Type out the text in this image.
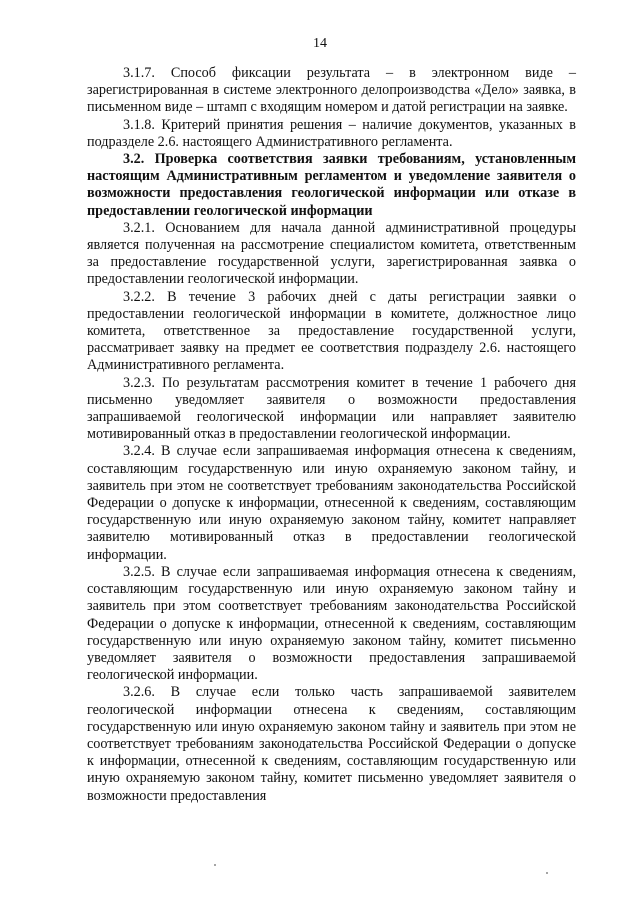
14

3.1.7. Способ фиксации результата – в электронном виде – зарегистрированная в системе электронного делопроизводства «Дело» заявка, в письменном виде – штамп с входящим номером и датой регистрации на заявке.

3.1.8. Критерий принятия решения – наличие документов, указанных в подразделе 2.6. настоящего Административного регламента.

3.2. Проверка соответствия заявки требованиям, установленным настоящим Административным регламентом и уведомление заявителя о возможности предоставления геологической информации или отказе в предоставлении геологической информации

3.2.1. Основанием для начала данной административной процедуры является полученная на рассмотрение специалистом комитета, ответственным за предоставление государственной услуги, зарегистрированная заявка о предоставлении геологической информации.

3.2.2. В течение 3 рабочих дней с даты регистрации заявки о предоставлении геологической информации в комитете, должностное лицо комитета, ответственное за предоставление государственной услуги, рассматривает заявку на предмет ее соответствия подразделу 2.6. настоящего Административного регламента.

3.2.3. По результатам рассмотрения комитет в течение 1 рабочего дня письменно уведомляет заявителя о возможности предоставления запрашиваемой геологической информации или направляет заявителю мотивированный отказ в предоставлении геологической информации.

3.2.4. В случае если запрашиваемая информация отнесена к сведениям, составляющим государственную или иную охраняемую законом тайну, и заявитель при этом не соответствует требованиям законодательства Российской Федерации о допуске к информации, отнесенной к сведениям, составляющим государственную или иную охраняемую законом тайну, комитет направляет заявителю мотивированный отказ в предоставлении геологической информации.

3.2.5. В случае если запрашиваемая информация отнесена к сведениям, составляющим государственную или иную охраняемую законом тайну и заявитель при этом соответствует требованиям законодательства Российской Федерации о допуске к информации, отнесенной к сведениям, составляющим государственную или иную охраняемую законом тайну, комитет письменно уведомляет заявителя о возможности предоставления запрашиваемой геологической информации.

3.2.6. В случае если только часть запрашиваемой заявителем геологической информации отнесена к сведениям, составляющим государственную или иную охраняемую законом тайну и заявитель при этом не соответствует требованиям законодательства Российской Федерации о допуске к информации, отнесенной к сведениям, составляющим государственную или иную охраняемую законом тайну, комитет письменно уведомляет заявителя о возможности предоставления
